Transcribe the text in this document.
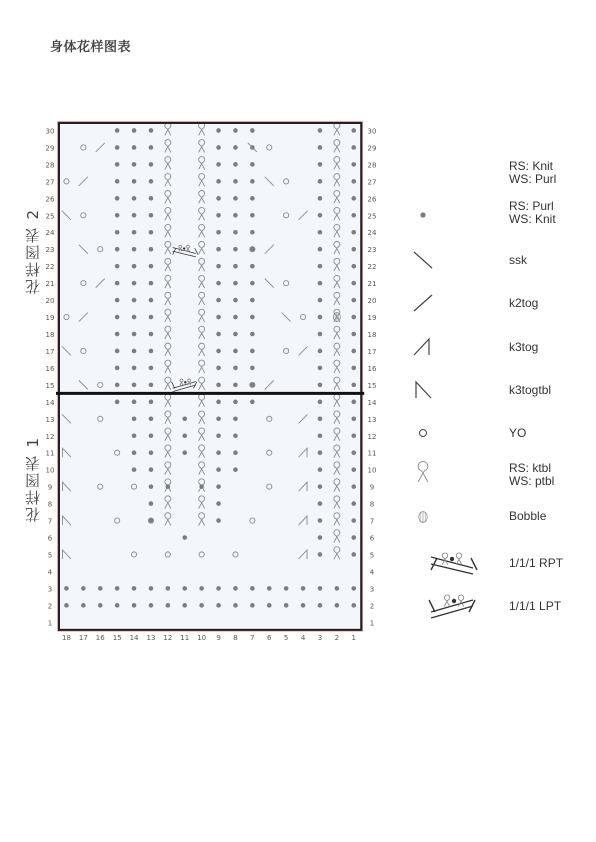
身体花样图表
花样图表 2
花样图表 1
1	1
2	2
3	3
4	4
5	5
6	6
7	7
8	8
9	9
10	10
11	11
12	12
13	13
14	14
15	15
16	16
17	17
18	18
19	19
20	20
21	21
22	22
23	23
24	24
25	25
26	26
27	27
28	28
29	29
30	30
18 17 16 15 14 13 12 11 10 9 8 7 6 5 4 3 2 1
RS: Knit
WS: Purl
RS: Purl
WS: Knit
ssk
k2tog
k3tog
k3togtbl
YO
RS: ktbl
WS: ptbl
Bobble
1/1/1 RPT
1/1/1 LPT
